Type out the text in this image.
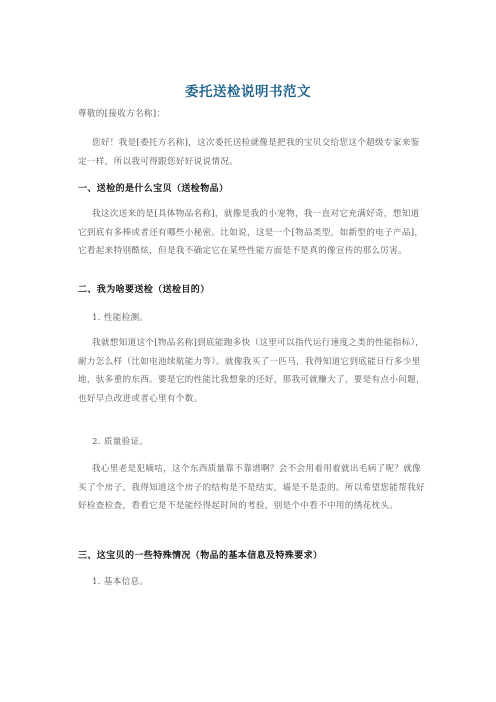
委托送检说明书范文

尊敬的[接收方名称]：

您好！我是[委托方名称]，这次委托送检就像是把我的宝贝交给您这个超级专家来鉴定一样，所以我可得跟您好好说说情况。

一、送检的是什么宝贝（送检物品）

我这次送来的是[具体物品名称]，就像是我的小宠物，我一直对它充满好奇，想知道它到底有多棒或者还有哪些小秘密。比如说，这是一个[物品类型，如新型的电子产品]，它看起来特别酷炫，但是我不确定它在某些性能方面是不是真的像宣传的那么厉害。

二、我为啥要送检（送检目的）
1. 性能检测。

我就想知道这个[物品名称]到底能跑多快（这里可以指代运行速度之类的性能指标），耐力怎么样（比如电池续航能力等）。就像我买了一匹马，我得知道它到底能日行多少里地，驮多重的东西。要是它的性能比我想象的还好，那我可就赚大了，要是有点小问题，也好早点改进或者心里有个数。

2. 质量验证。

我心里老是犯嘀咕，这个东西质量靠不靠谱啊？会不会用着用着就出毛病了呢？就像买了个房子，我得知道这个房子的结构是不是结实，墙是不是歪的。所以希望您能帮我好好检查检查，看看它是不是能经得起时间的考验，别是个中看不中用的绣花枕头。

三、这宝贝的一些特殊情况（物品的基本信息及特殊要求）
1. 基本信息。
